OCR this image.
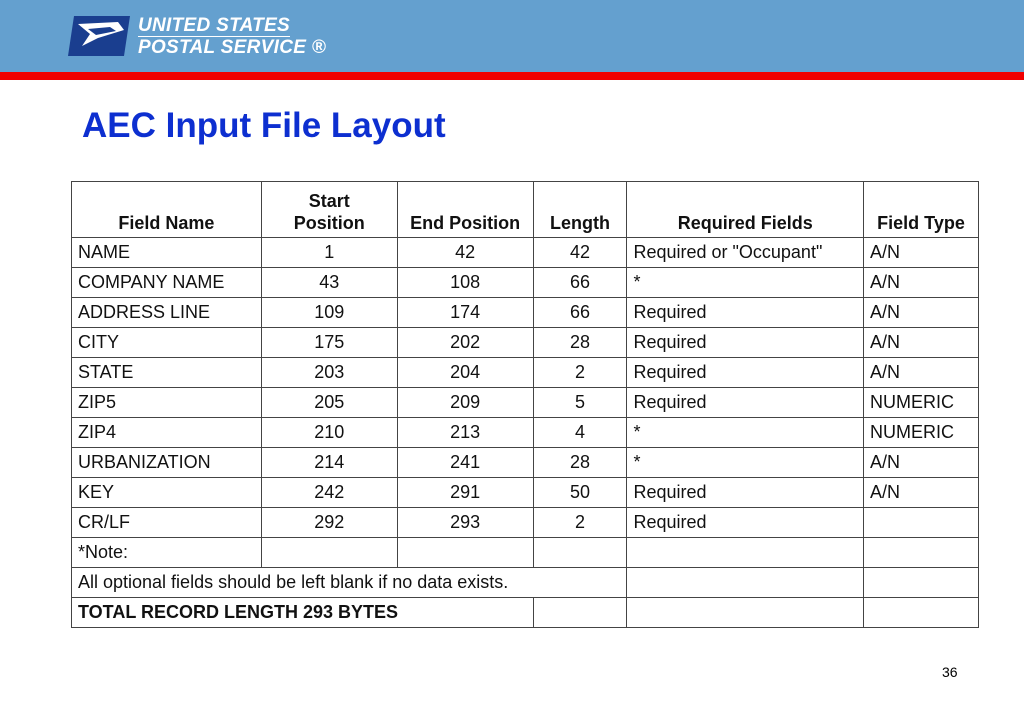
UNITED STATES
POSTAL SERVICE ®
AEC Input File Layout
Field Name	Start Position	End Position	Length	Required Fields	Field Type
NAME	1	42	42	Required or "Occupant"	A/N
COMPANY NAME	43	108	66	*	A/N
ADDRESS LINE	109	174	66	Required	A/N
CITY	175	202	28	Required	A/N
STATE	203	204	2	Required	A/N
ZIP5	205	209	5	Required	NUMERIC
ZIP4	210	213	4	*	NUMERIC
URBANIZATION	214	241	28	*	A/N
KEY	242	291	50	Required	A/N
CR/LF	292	293	2	Required	
*Note:					
All optional fields should be left blank if no data exists.					
TOTAL RECORD LENGTH 293 BYTES					
36
